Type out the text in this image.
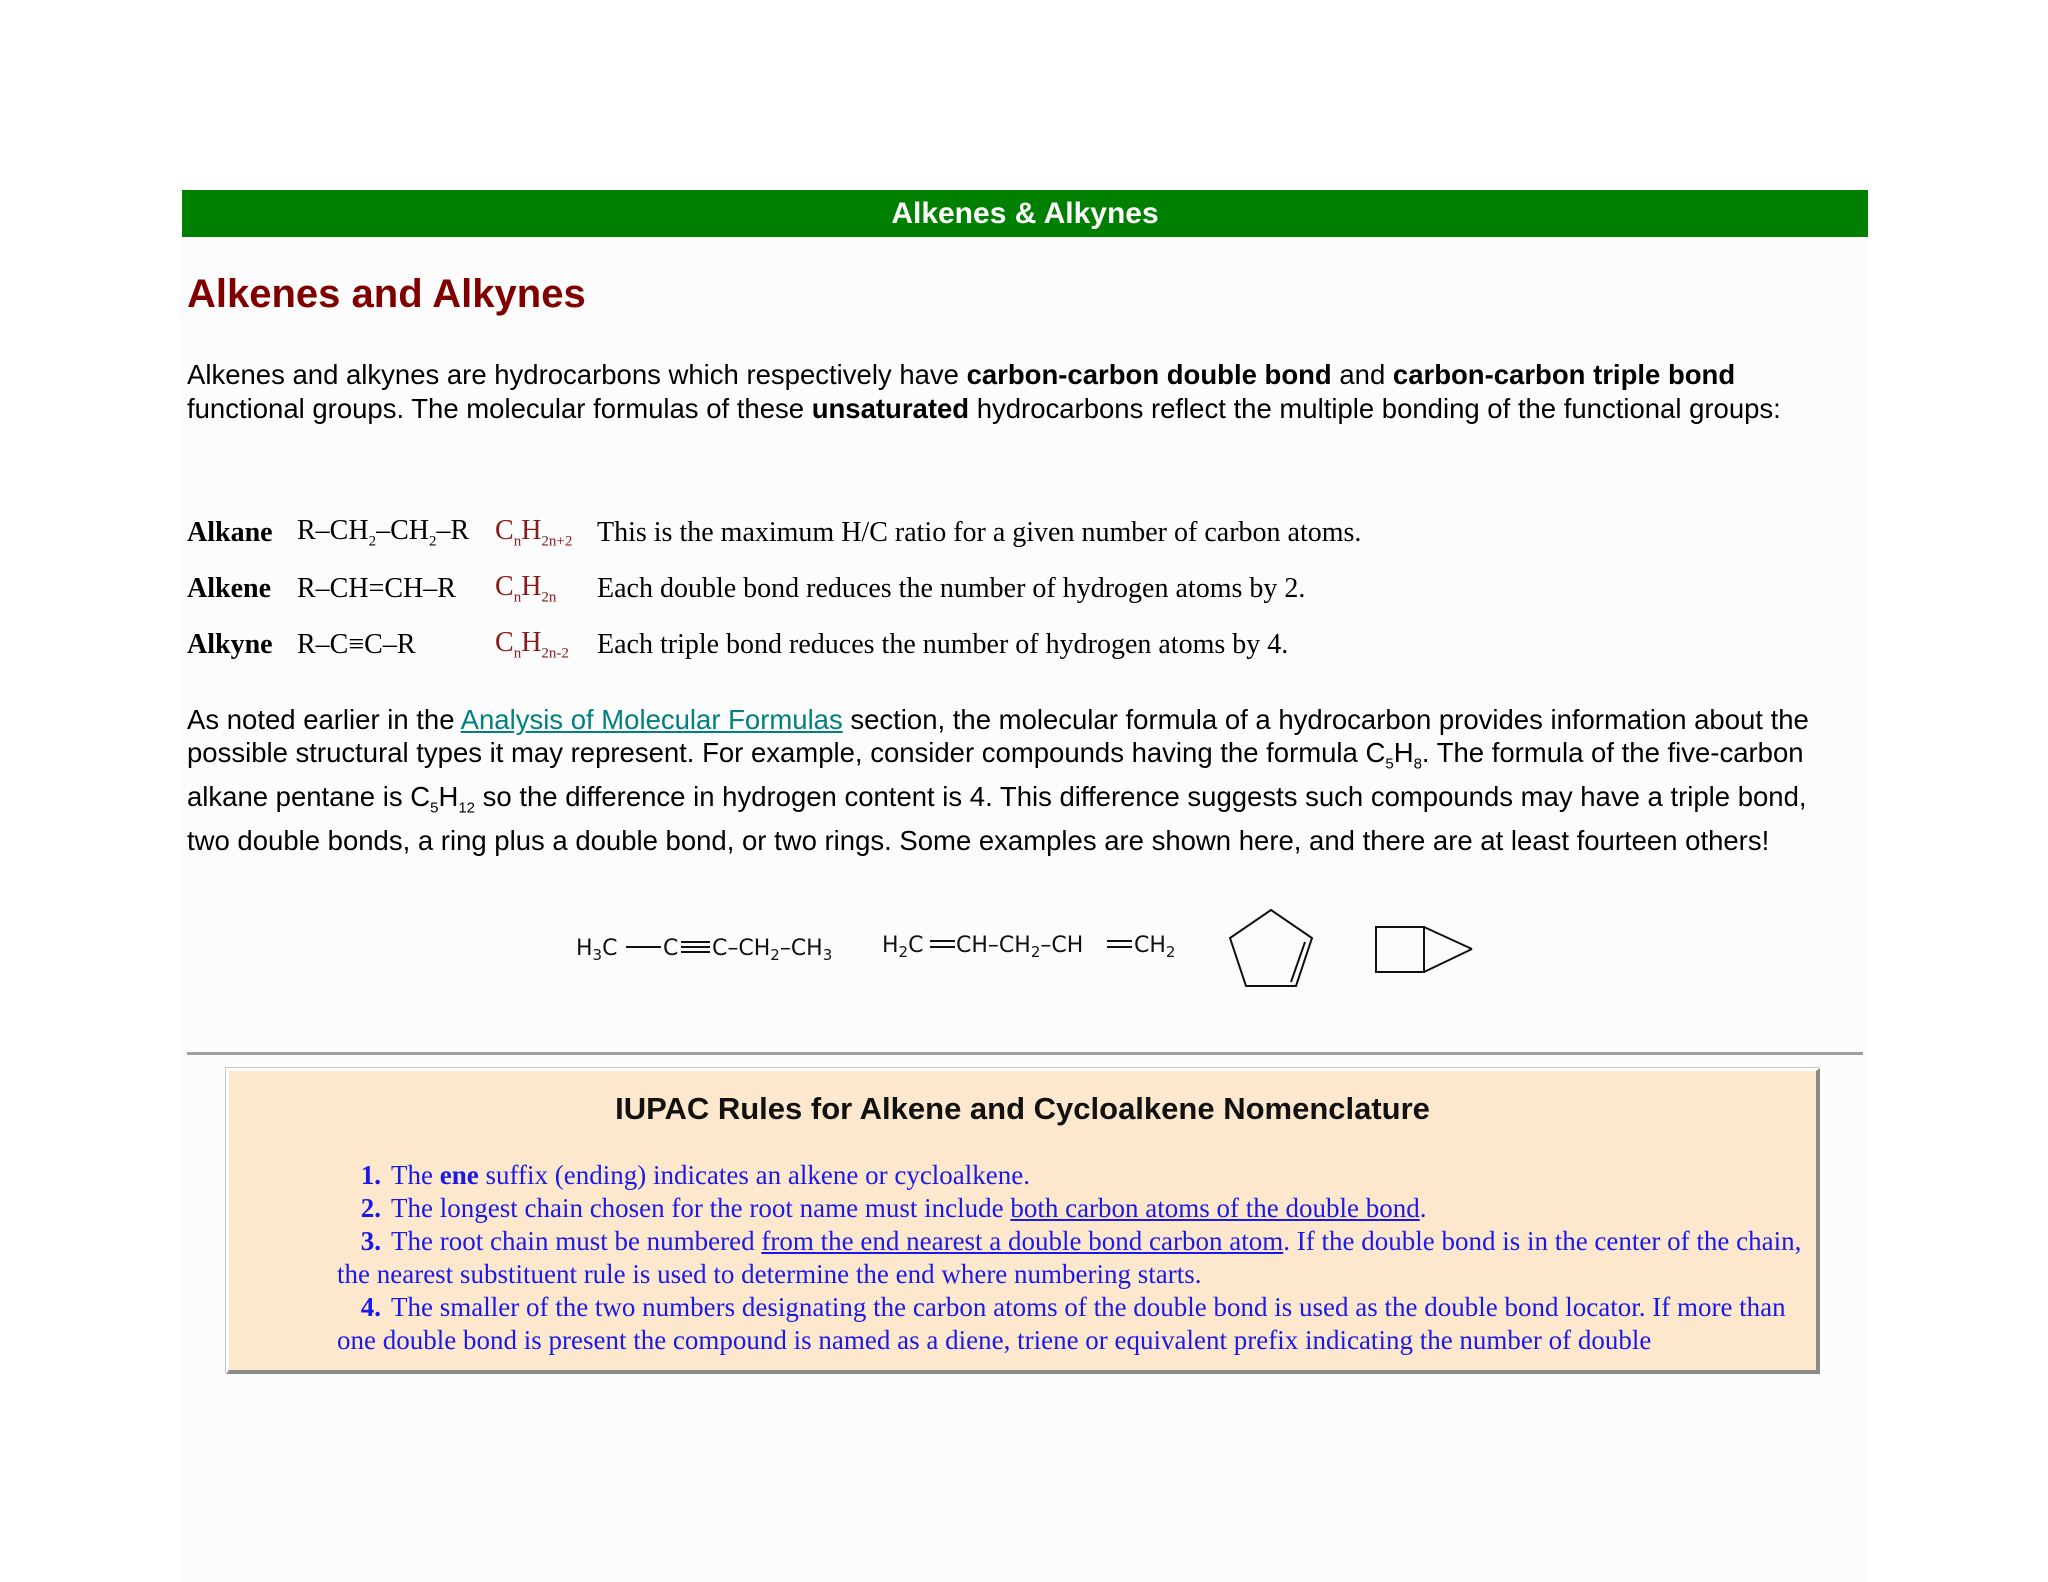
Alkenes & Alkynes
Alkenes and Alkynes

Alkenes and alkynes are hydrocarbons which respectively have carbon-carbon double bond and carbon-carbon triple bond functional groups. The molecular formulas of these unsaturated hydrocarbons reflect the multiple bonding of the functional groups:

Alkane	$R-CH_2-CH_2-R$	$C_nH_{2n+2}$	This is the maximum H/C ratio for a given number of carbon atoms.
Alkene	R–CH=CH–R	$C_nH_{2n}$	Each double bond reduces the number of hydrogen atoms by 2.
Alkyne	R–C≡C–R	$C_nH_{2n-2}$	Each triple bond reduces the number of hydrogen atoms by 4.

As noted earlier in the Analysis of Molecular Formulas section, the molecular formula of a hydrocarbon provides information about the possible structural types it may represent. For example, consider compounds having the formula $C_5H_8$. The formula of the five-carbon alkane pentane is $C_5H_{12}$ so the difference in hydrogen content is 4. This difference suggests such compounds may have a triple bond, two double bonds, a ring plus a double bond, or two rings. Some examples are shown here, and there are at least fourteen others!

$H_3C$ C $C-CH_2-CH_3$ $H_2C$ $CH-CH_2-CH$ $CH_2$
IUPAC Rules for Alkene and Cycloalkene Nomenclature
1. The ene suffix (ending) indicates an alkene or cycloalkene.
2. The longest chain chosen for the root name must include both carbon atoms of the double bond.
3. The root chain must be numbered from the end nearest a double bond carbon atom. If the double bond is in the center of the chain, the nearest substituent rule is used to determine the end where numbering starts.
4. The smaller of the two numbers designating the carbon atoms of the double bond is used as the double bond locator. If more than one double bond is present the compound is named as a diene, triene or equivalent prefix indicating the number of double
